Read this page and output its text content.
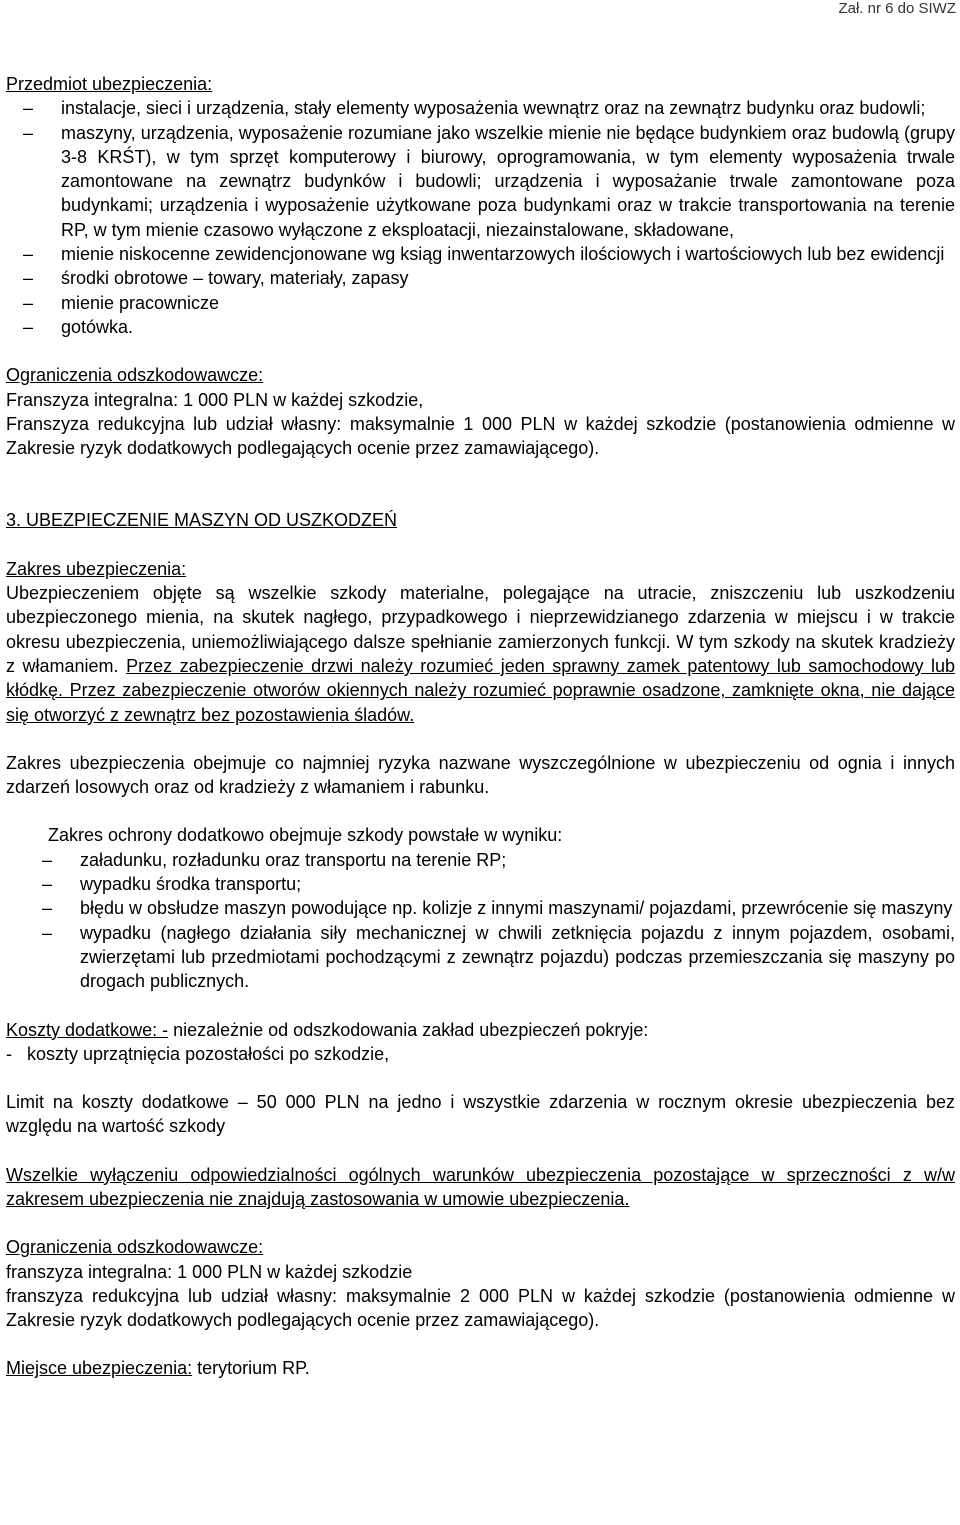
Zał. nr 6 do SIWZ

Przedmiot ubezpieczenia:

– instalacje, sieci i urządzenia, stały elementy wyposażenia wewnątrz oraz na zewnątrz budynku oraz budowli;
– maszyny, urządzenia, wyposażenie rozumiane jako wszelkie mienie nie będące budynkiem oraz budowlą (grupy 3-8 KRŚT), w tym sprzęt komputerowy i biurowy, oprogramowania, w tym elementy wyposażenia trwale zamontowane na zewnątrz budynków i budowli; urządzenia i wyposażanie trwale zamontowane poza budynkami; urządzenia i wyposażenie użytkowane poza budynkami oraz w trakcie transportowania na terenie RP, w tym mienie czasowo wyłączone z eksploatacji, niezainstalowane, składowane,
– mienie niskocenne zewidencjonowane wg ksiąg inwentarzowych ilościowych i wartościowych lub bez ewidencji
– środki obrotowe – towary, materiały, zapasy
– mienie pracownicze
– gotówka.

Ograniczenia odszkodowawcze:

Franszyza integralna: 1 000 PLN w każdej szkodzie,

Franszyza redukcyjna lub udział własny: maksymalnie 1 000 PLN w każdej szkodzie (postanowienia odmienne w Zakresie ryzyk dodatkowych podlegających ocenie przez zamawiającego).

3. UBEZPIECZENIE MASZYN OD USZKODZEŃ

Zakres ubezpieczenia:

Ubezpieczeniem objęte są wszelkie szkody materialne, polegające na utracie, zniszczeniu lub uszkodzeniu ubezpieczonego mienia, na skutek nagłego, przypadkowego i nieprzewidzianego zdarzenia w miejscu i w trakcie okresu ubezpieczenia, uniemożliwiającego dalsze spełnianie zamierzonych funkcji. W tym szkody na skutek kradzieży z włamaniem. Przez zabezpieczenie drzwi należy rozumieć jeden sprawny zamek patentowy lub samochodowy lub kłódkę. Przez zabezpieczenie otworów okiennych należy rozumieć poprawnie osadzone, zamknięte okna, nie dające się otworzyć z zewnątrz bez pozostawienia śladów.

Zakres ubezpieczenia obejmuje co najmniej ryzyka nazwane wyszczególnione w ubezpieczeniu od ognia i innych zdarzeń losowych oraz od kradzieży z włamaniem i rabunku.

Zakres ochrony dodatkowo obejmuje szkody powstałe w wyniku:

– załadunku, rozładunku oraz transportu na terenie RP;
– wypadku środka transportu;
– błędu w obsłudze maszyn powodujące np. kolizje z innymi maszynami/ pojazdami, przewrócenie się maszyny
– wypadku (nagłego działania siły mechanicznej w chwili zetknięcia pojazdu z innym pojazdem, osobami, zwierzętami lub przedmiotami pochodzącymi z zewnątrz pojazdu) podczas przemieszczania się maszyny po drogach publicznych.

Koszty dodatkowe: - niezależnie od odszkodowania zakład ubezpieczeń pokryje:

-   koszty uprzątnięcia pozostałości po szkodzie,

Limit na koszty dodatkowe – 50 000 PLN na jedno i wszystkie zdarzenia w rocznym okresie ubezpieczenia bez względu na wartość szkody

Wszelkie wyłączeniu odpowiedzialności ogólnych warunków ubezpieczenia pozostające w sprzeczności z w/w zakresem ubezpieczenia nie znajdują zastosowania w umowie ubezpieczenia.

Ograniczenia odszkodowawcze:

franszyza integralna: 1 000 PLN w każdej szkodzie

franszyza redukcyjna lub udział własny: maksymalnie 2 000 PLN w każdej szkodzie (postanowienia odmienne w Zakresie ryzyk dodatkowych podlegających ocenie przez zamawiającego).

Miejsce ubezpieczenia: terytorium RP.
